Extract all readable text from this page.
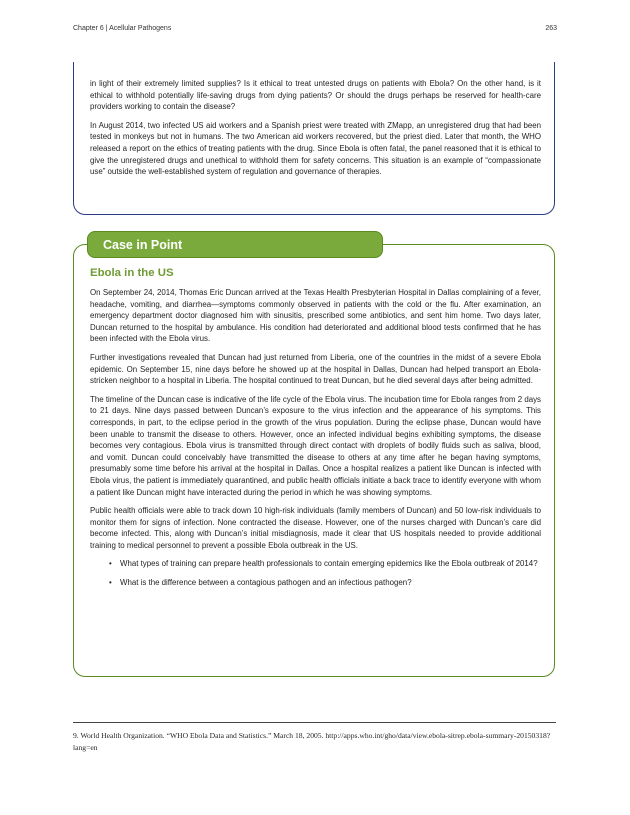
Chapter 6 | Acellular Pathogens	263

in light of their extremely limited supplies? Is it ethical to treat untested drugs on patients with Ebola? On the other hand, is it ethical to withhold potentially life-saving drugs from dying patients? Or should the drugs perhaps be reserved for health-care providers working to contain the disease?

In August 2014, two infected US aid workers and a Spanish priest were treated with ZMapp, an unregistered drug that had been tested in monkeys but not in humans. The two American aid workers recovered, but the priest died. Later that month, the WHO released a report on the ethics of treating patients with the drug. Since Ebola is often fatal, the panel reasoned that it is ethical to give the unregistered drugs and unethical to withhold them for safety concerns. This situation is an example of “compassionate use” outside the well-established system of regulation and governance of therapies.

Case in Point
Ebola in the US

On September 24, 2014, Thomas Eric Duncan arrived at the Texas Health Presbyterian Hospital in Dallas complaining of a fever, headache, vomiting, and diarrhea—symptoms commonly observed in patients with the cold or the flu. After examination, an emergency department doctor diagnosed him with sinusitis, prescribed some antibiotics, and sent him home. Two days later, Duncan returned to the hospital by ambulance. His condition had deteriorated and additional blood tests confirmed that he has been infected with the Ebola virus.

Further investigations revealed that Duncan had just returned from Liberia, one of the countries in the midst of a severe Ebola epidemic. On September 15, nine days before he showed up at the hospital in Dallas, Duncan had helped transport an Ebola-stricken neighbor to a hospital in Liberia. The hospital continued to treat Duncan, but he died several days after being admitted.

The timeline of the Duncan case is indicative of the life cycle of the Ebola virus. The incubation time for Ebola ranges from 2 days to 21 days. Nine days passed between Duncan’s exposure to the virus infection and the appearance of his symptoms. This corresponds, in part, to the eclipse period in the growth of the virus population. During the eclipse phase, Duncan would have been unable to transmit the disease to others. However, once an infected individual begins exhibiting symptoms, the disease becomes very contagious. Ebola virus is transmitted through direct contact with droplets of bodily fluids such as saliva, blood, and vomit. Duncan could conceivably have transmitted the disease to others at any time after he began having symptoms, presumably some time before his arrival at the hospital in Dallas. Once a hospital realizes a patient like Duncan is infected with Ebola virus, the patient is immediately quarantined, and public health officials initiate a back trace to identify everyone with whom a patient like Duncan might have interacted during the period in which he was showing symptoms.

Public health officials were able to track down 10 high-risk individuals (family members of Duncan) and 50 low-risk individuals to monitor them for signs of infection. None contracted the disease. However, one of the nurses charged with Duncan’s care did become infected. This, along with Duncan’s initial misdiagnosis, made it clear that US hospitals needed to provide additional training to medical personnel to prevent a possible Ebola outbreak in the US.

• What types of training can prepare health professionals to contain emerging epidemics like the Ebola outbreak of 2014?
• What is the difference between a contagious pathogen and an infectious pathogen?
9. World Health Organization. “WHO Ebola Data and Statistics.” March 18, 2005. http://apps.who.int/gho/data/view.ebola-sitrep.ebola-summary-20150318?lang=en
